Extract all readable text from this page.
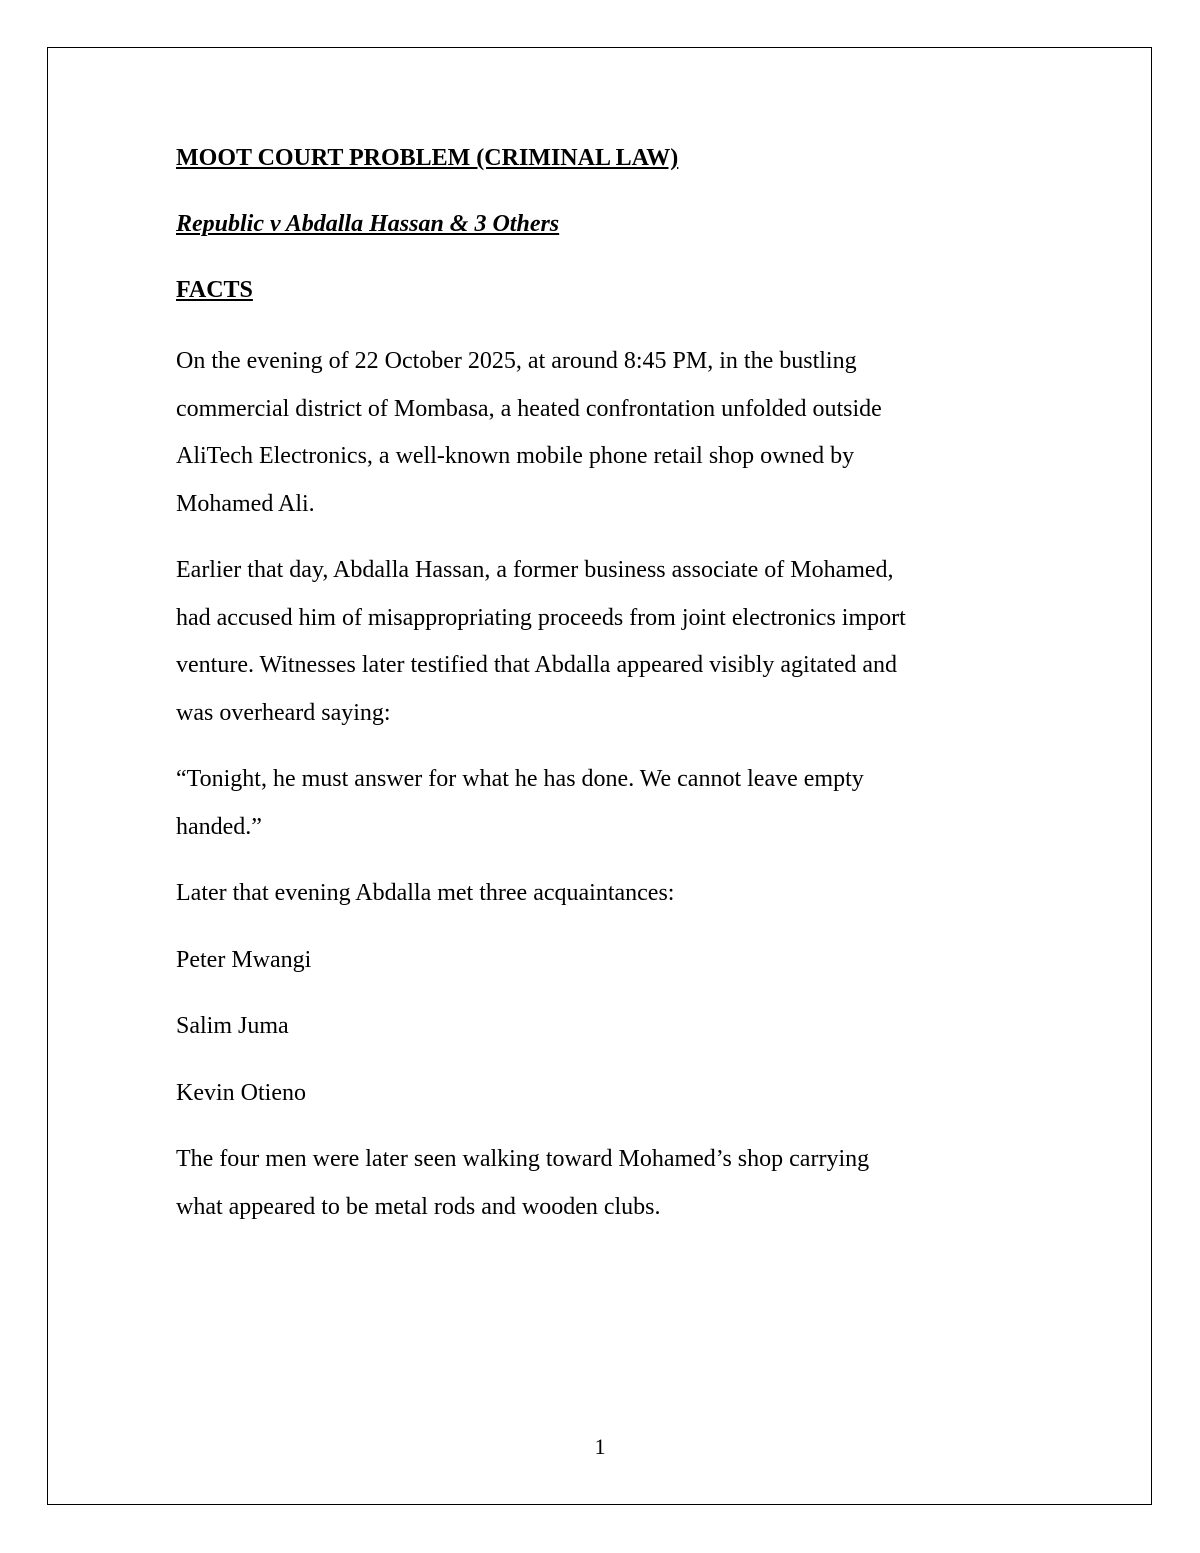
MOOT COURT PROBLEM (CRIMINAL LAW)
Republic v Abdalla Hassan & 3 Others
FACTS
On the evening of 22 October 2025, at around 8:45 PM, in the bustling
commercial district of Mombasa, a heated confrontation unfolded outside
AliTech Electronics, a well-known mobile phone retail shop owned by
Mohamed Ali.
Earlier that day, Abdalla Hassan, a former business associate of Mohamed,
had accused him of misappropriating proceeds from joint electronics import
venture. Witnesses later testified that Abdalla appeared visibly agitated and
was overheard saying:
“Tonight, he must answer for what he has done. We cannot leave empty
handed.”
Later that evening Abdalla met three acquaintances:
Peter Mwangi
Salim Juma
Kevin Otieno
The four men were later seen walking toward Mohamed’s shop carrying
what appeared to be metal rods and wooden clubs.
1
